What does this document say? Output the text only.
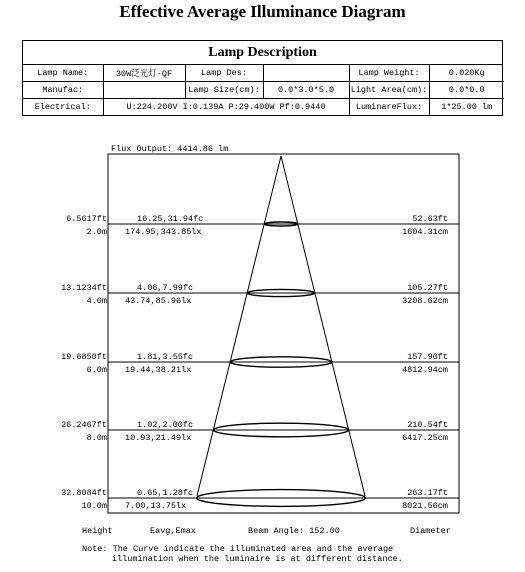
Effective Average Illuminance Diagram
Lamp Description
Lamp Name:	30W泛光灯-QF	Lamp Des:		Lamp Weight:	0.020Kg
Manufac:		Lamp Size(cm):	0.0*3.0*5.0	Light Area(cm):	0.0*0.0
Electrical:	U:224.200V I:0.139A P:29.400W Pf:0.9440			LuminareFlux:	1*25.00 lm
Flux Output: 4414.86 lm
6.5617ft
2.0m
16.25,31.94fc
174.95,343.85lx
52.63ft
1604.31cm
13.1234ft
4.0m
4.06,7.99fc
43.74,85.96lx
105.27ft
3208.62cm
19.6850ft
6.0m
1.81,3.55fc
19.44,38.21lx
157.90ft
4812.94cm
26.2467ft
8.0m
1.02,2.00fc
10.93,21.49lx
210.54ft
6417.25cm
32.8084ft
10.0m
0.65,1.28fc
7.00,13.75lx
263.17ft
8021.56cm
Height	Eavg,Emax	Beam Angle: 152.00	Diameter
Note: The Curve indicate the illuminated area and the average
illumination when the luminaire is at different distance.
